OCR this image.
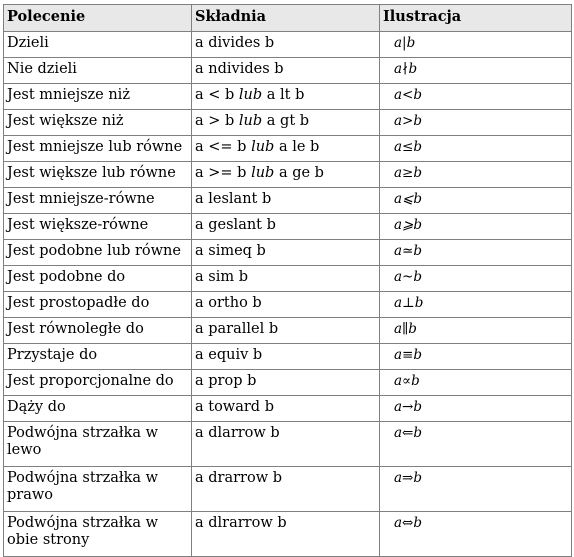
Polecenie	Składnia	Ilustracja
Dzieli	a divides b	a|b
Nie dzieli	a ndivides b	a∤b
Jest mniejsze niż	a < b lub a lt b	a<b
Jest większe niż	a > b lub a gt b	a>b
Jest mniejsze lub równe	a <= b lub a le b	a≤b
Jest większe lub równe	a >= b lub a ge b	a≥b
Jest mniejsze-równe	a leslant b	a⩽b
Jest większe-równe	a geslant b	a⩾b
Jest podobne lub równe	a simeq b	a≃b
Jest podobne do	a sim b	a~b
Jest prostopadłe do	a ortho b	a⊥b
Jest równoległe do	a parallel b	a∥b
Przystaje do	a equiv b	a≡b
Jest proporcjonalne do	a prop b	a∝b
Dąży do	a toward b	a→b
Podwójna strzałka w lewo	a dlarrow b	a⇐b
Podwójna strzałka w prawo	a drarrow b	a⇒b
Podwójna strzałka w obie strony	a dlrarrow b	a⇔b
